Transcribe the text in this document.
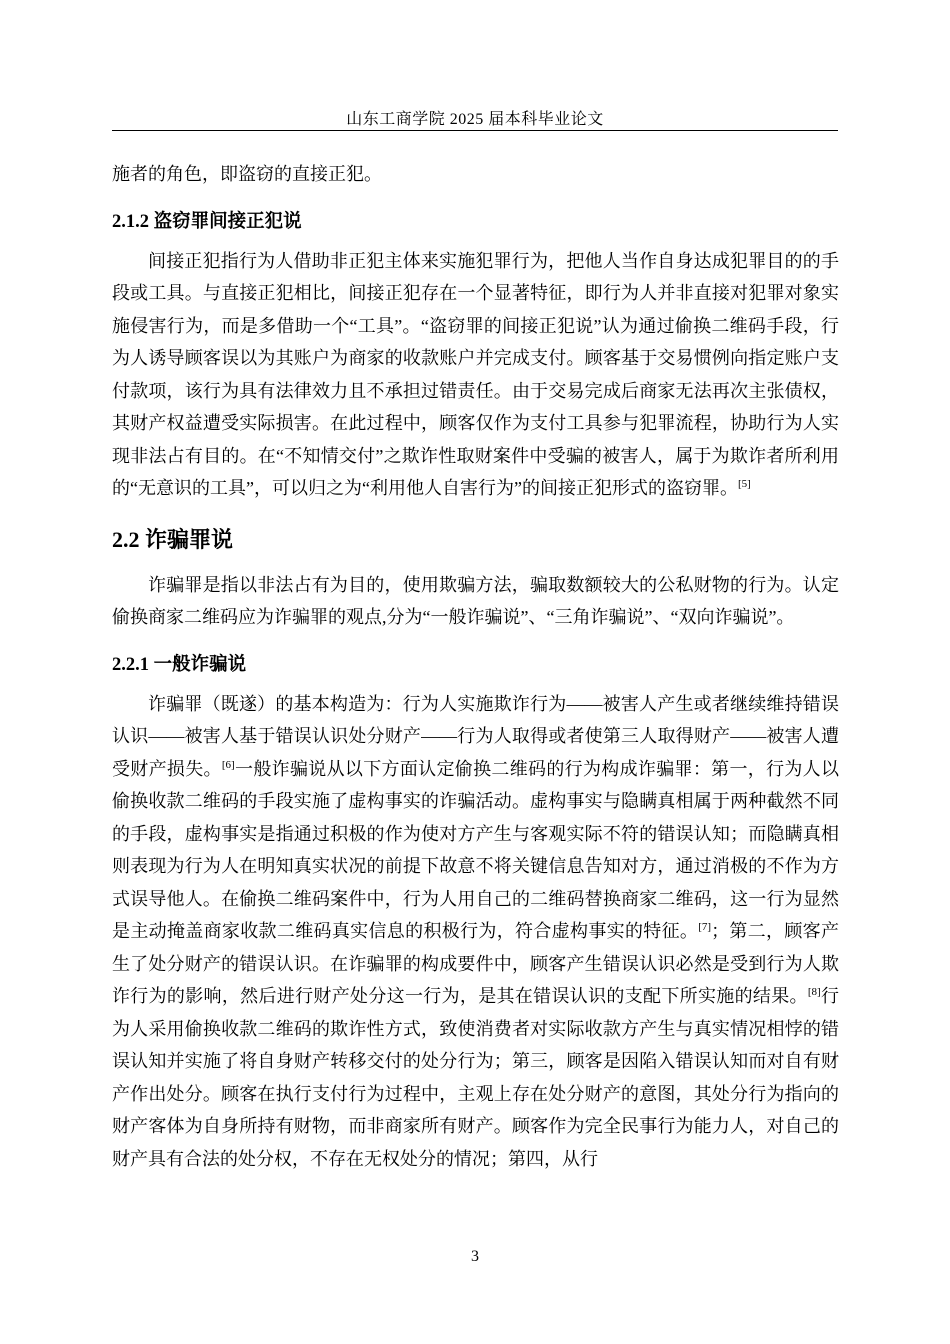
山东工商学院 2025 届本科毕业论文

施者的角色，即盗窃的直接正犯。

2.1.2 盗窃罪间接正犯说

间接正犯指行为人借助非正犯主体来实施犯罪行为，把他人当作自身达成犯罪目的的手段或工具。与直接正犯相比，间接正犯存在一个显著特征，即行为人并非直接对犯罪对象实施侵害行为，而是多借助一个“工具”。“盗窃罪的间接正犯说”认为通过偷换二维码手段，行为人诱导顾客误以为其账户为商家的收款账户并完成支付。顾客基于交易惯例向指定账户支付款项，该行为具有法律效力且不承担过错责任。由于交易完成后商家无法再次主张债权，其财产权益遭受实际损害。在此过程中，顾客仅作为支付工具参与犯罪流程，协助行为人实现非法占有目的。在“不知情交付”之欺诈性取财案件中受骗的被害人，属于为欺诈者所利用的“无意识的工具”，可以归之为“利用他人自害行为”的间接正犯形式的盗窃罪。[5]

2.2 诈骗罪说

诈骗罪是指以非法占有为目的，使用欺骗方法，骗取数额较大的公私财物的行为。认定偷换商家二维码应为诈骗罪的观点,分为“一般诈骗说”、“三角诈骗说”、“双向诈骗说”。

2.2.1 一般诈骗说

诈骗罪（既遂）的基本构造为：行为人实施欺诈行为——被害人产生或者继续维持错误认识——被害人基于错误认识处分财产——行为人取得或者使第三人取得财产——被害人遭受财产损失。[6]一般诈骗说从以下方面认定偷换二维码的行为构成诈骗罪：第一，行为人以偷换收款二维码的手段实施了虚构事实的诈骗活动。虚构事实与隐瞒真相属于两种截然不同的手段，虚构事实是指通过积极的作为使对方产生与客观实际不符的错误认知；而隐瞒真相则表现为行为人在明知真实状况的前提下故意不将关键信息告知对方，通过消极的不作为方式误导他人。在偷换二维码案件中，行为人用自己的二维码替换商家二维码，这一行为显然是主动掩盖商家收款二维码真实信息的积极行为，符合虚构事实的特征。[7]；第二，顾客产生了处分财产的错误认识。在诈骗罪的构成要件中，顾客产生错误认识必然是受到行为人欺诈行为的影响，然后进行财产处分这一行为，是其在错误认识的支配下所实施的结果。[8]行为人采用偷换收款二维码的欺诈性方式，致使消费者对实际收款方产生与真实情况相悖的错误认知并实施了将自身财产转移交付的处分行为；第三，顾客是因陷入错误认知而对自有财产作出处分。顾客在执行支付行为过程中，主观上存在处分财产的意图，其处分行为指向的财产客体为自身所持有财物，而非商家所有财产。顾客作为完全民事行为能力人，对自己的财产具有合法的处分权，不存在无权处分的情况；第四，从行

3
